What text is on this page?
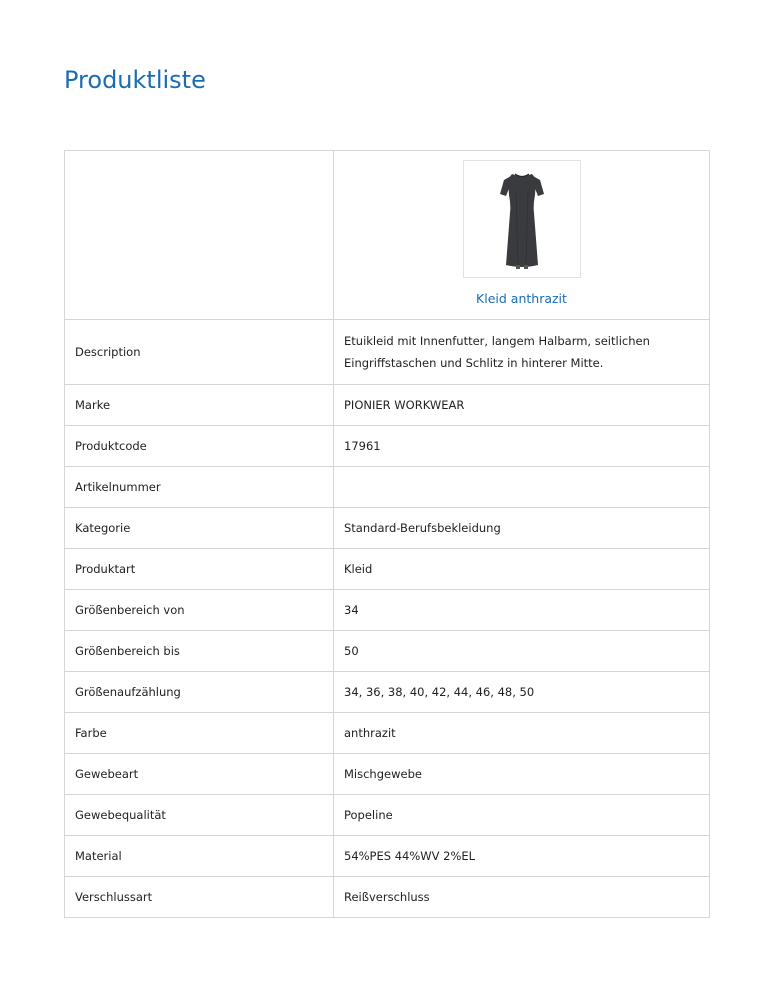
Produktliste

Kleid anthrazit
Description	Etuikleid mit Innenfutter, langem Halbarm, seitlichen Eingriffstaschen und Schlitz in hinterer Mitte.
Marke	PIONIER WORKWEAR
Produktcode	17961
Artikelnummer	
Kategorie	Standard-Berufsbekleidung
Produktart	Kleid
Größenbereich von	34
Größenbereich bis	50
Größenaufzählung	34, 36, 38, 40, 42, 44, 46, 48, 50
Farbe	anthrazit
Gewebeart	Mischgewebe
Gewebequalität	Popeline
Material	54%PES 44%WV 2%EL
Verschlussart	Reißverschluss
